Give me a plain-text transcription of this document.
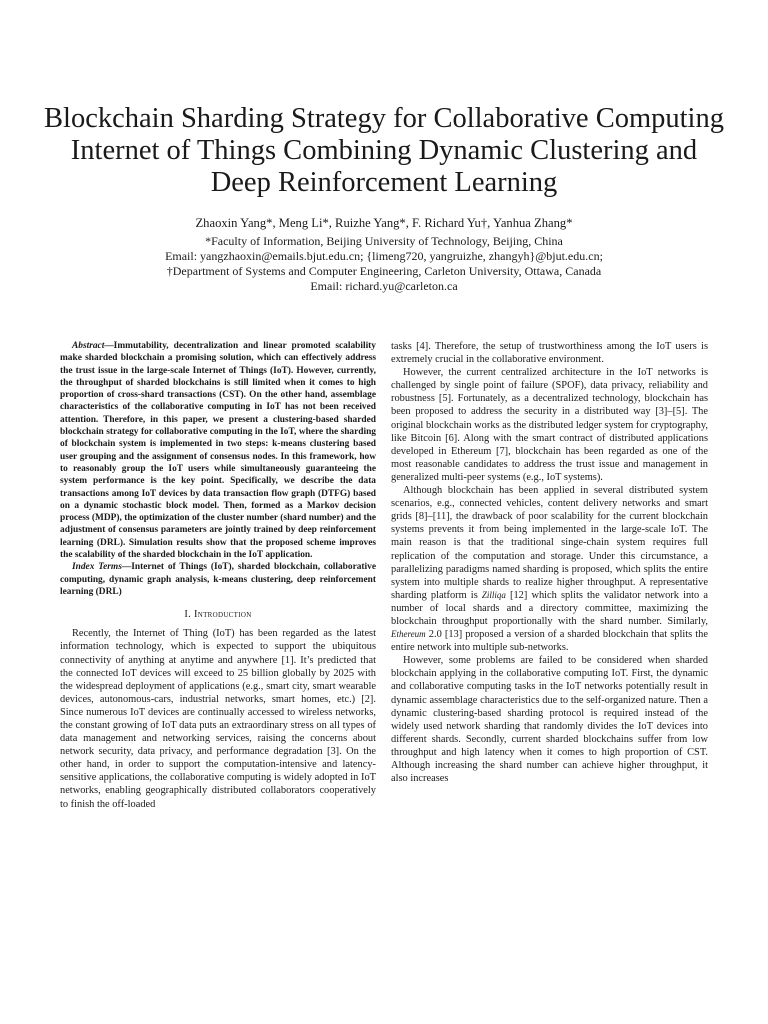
Blockchain Sharding Strategy for Collaborative Computing Internet of Things Combining Dynamic Clustering and Deep Reinforcement Learning
Zhaoxin Yang*, Meng Li*, Ruizhe Yang*, F. Richard Yu†, Yanhua Zhang*
*Faculty of Information, Beijing University of Technology, Beijing, China
Email: yangzhaoxin@emails.bjut.edu.cn; {limeng720, yangruizhe, zhangyh}@bjut.edu.cn;
†Department of Systems and Computer Engineering, Carleton University, Ottawa, Canada
Email: richard.yu@carleton.ca

Abstract—Immutability, decentralization and linear promoted scalability make sharded blockchain a promising solution, which can effectively address the trust issue in the large-scale Internet of Things (IoT). However, currently, the throughput of sharded blockchains is still limited when it comes to high proportion of cross-shard transactions (CST). On the other hand, assemblage characteristics of the collaborative computing in IoT has not been received attention. Therefore, in this paper, we present a clustering-based sharded blockchain strategy for collaborative computing in the IoT, where the sharding of blockchain system is implemented in two steps: k-means clustering based user grouping and the assignment of consensus nodes. In this framework, how to reasonably group the IoT users while simultaneously guaranteeing the system performance is the key point. Specifically, we describe the data transactions among IoT devices by data transaction flow graph (DTFG) based on a dynamic stochastic block model. Then, formed as a Markov decision process (MDP), the optimization of the cluster number (shard number) and the adjustment of consensus parameters are jointly trained by deep reinforcement learning (DRL). Simulation results show that the proposed scheme improves the scalability of the sharded blockchain in the IoT application.

Index Terms—Internet of Things (IoT), sharded blockchain, collaborative computing, dynamic graph analysis, k-means clustering, deep reinforcement learning (DRL)

I. Introduction

Recently, the Internet of Thing (IoT) has been regarded as the latest information technology, which is expected to support the ubiquitous connectivity of anything at anytime and anywhere [1]. It’s predicted that the connected IoT devices will exceed to 25 billion globally by 2025 with the widespread deployment of applications (e.g., smart city, smart wearable devices, autonomous-cars, industrial networks, smart homes, etc.) [2]. Since numerous IoT devices are continually accessed to wireless networks, the constant growing of IoT data puts an extraordinary stress on all types of data management and networking services, raising the concerns about network security, data privacy, and performance degradation [3]. On the other hand, in order to support the computation-intensive and latency-sensitive applications, the collaborative computing is widely adopted in IoT networks, enabling geographically distributed collaborators cooperatively to finish the off-loaded

tasks [4]. Therefore, the setup of trustworthiness among the IoT users is extremely crucial in the collaborative environment.

However, the current centralized architecture in the IoT networks is challenged by single point of failure (SPOF), data privacy, reliability and robustness [5]. Fortunately, as a decentralized technology, blockchain has been proposed to address the security in a distributed way [3]–[5]. The original blockchain works as the distributed ledger system for cryptography, like Bitcoin [6]. Along with the smart contract of distributed applications developed in Ethereum [7], blockchain has been regarded as one of the most reasonable candidates to address the trust issue and management in generalized multi-peer systems (e.g., IoT systems).

Although blockchain has been applied in several distributed system scenarios, e.g., connected vehicles, content delivery networks and smart grids [8]–[11], the drawback of poor scalability for the current blockchain systems prevents it from being implemented in the large-scale IoT. The main reason is that the traditional singe-chain system requires full replication of the computation and storage. Under this circumstance, a parallelizing paradigms named sharding is proposed, which splits the entire system into multiple shards to realize higher throughput. A representative sharding platform is Zilliqa [12] which splits the validator network into a number of local shards and a directory committee, maximizing the blockchain throughput proportionally with the shard number. Similarly, Ethereum 2.0 [13] proposed a version of a sharded blockchain that splits the entire network into multiple sub-networks.

However, some problems are failed to be considered when sharded blockchain applying in the collaborative computing IoT. First, the dynamic and collaborative computing tasks in the IoT networks potentially result in dynamic assemblage characteristics due to the self-organized nature. Then a dynamic clustering-based sharding protocol is required instead of the widely used network sharding that randomly divides the IoT devices into different shards. Secondly, current sharded blockchains suffer from low throughput and high latency when it comes to high proportion of CST. Although increasing the shard number can achieve higher throughput, it also increases
